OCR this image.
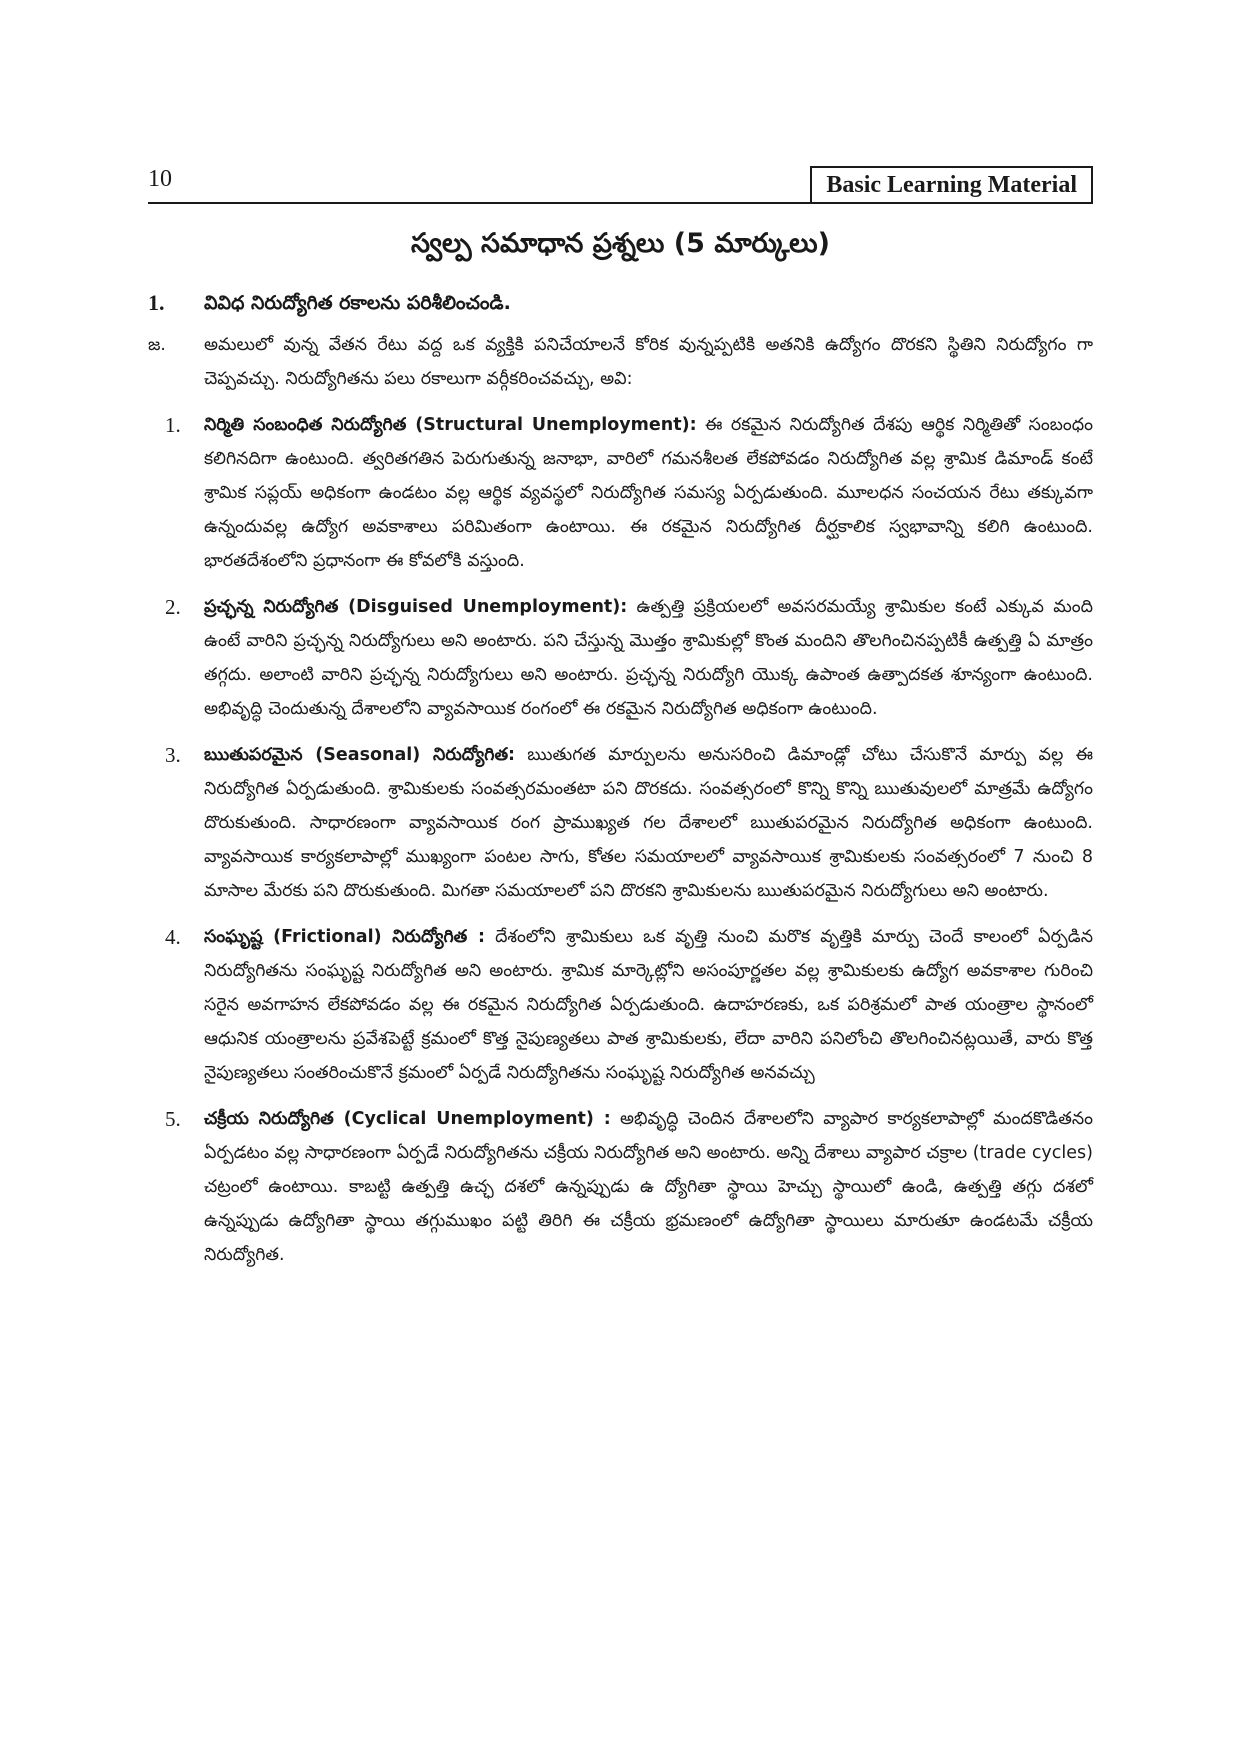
10	Basic Learning Material
స్వల్ప సమాధాన ప్రశ్నలు (5 మార్కులు)
1.	వివిధ నిరుద్యోగిత రకాలను పరిశీలించండి.
జ.	అమలులో వున్న వేతన రేటు వద్ద ఒక వ్యక్తికి పనిచేయాలనే కోరిక వున్నప్పటికి అతనికి ఉద్యోగం దొరకని స్థితిని నిరుద్యోగం గా చెప్పవచ్చు. నిరుద్యోగితను పలు రకాలుగా వర్గీకరించవచ్చు, అవి:
1.	నిర్మితి సంబంధిత నిరుద్యోగిత (Structural Unemployment): ఈ రకమైన నిరుద్యోగిత దేశపు ఆర్థిక నిర్మితితో సంబంధం కలిగినదిగా ఉంటుంది. త్వరితగతిన పెరుగుతున్న జనాభా, వారిలో గమనశీలత లేకపోవడం నిరుద్యోగిత వల్ల శ్రామిక డిమాండ్ కంటే శ్రామిక సప్లయ్ అధికంగా ఉండటం వల్ల ఆర్థిక వ్యవస్థలో నిరుద్యోగిత సమస్య ఏర్పడుతుంది. మూలధన సంచయన రేటు తక్కువగా ఉన్నందువల్ల ఉద్యోగ అవకాశాలు పరిమితంగా ఉంటాయి. ఈ రకమైన నిరుద్యోగిత దీర్ఘకాలిక స్వభావాన్ని కలిగి ఉంటుంది. భారతదేశంలోని ప్రధానంగా ఈ కోవలోకి వస్తుంది.
2.	ప్రచ్ఛన్న నిరుద్యోగిత (Disguised Unemployment): ఉత్పత్తి ప్రక్రియలలో అవసరమయ్యే శ్రామికుల కంటే ఎక్కువ మంది ఉంటే వారిని ప్రచ్ఛన్న నిరుద్యోగులు అని అంటారు. పని చేస్తున్న మొత్తం శ్రామికుల్లో కొంత మందిని తొలగించినప్పటికీ ఉత్పత్తి ఏ మాత్రం తగ్గదు. అలాంటి వారిని ప్రచ్ఛన్న నిరుద్యోగులు అని అంటారు. ప్రచ్ఛన్న నిరుద్యోగి యొక్క ఉపాంత ఉత్పాదకత శూన్యంగా ఉంటుంది. అభివృద్ధి చెందుతున్న దేశాలలోని వ్యావసాయిక రంగంలో ఈ రకమైన నిరుద్యోగిత అధికంగా ఉంటుంది.
3.	ఋతుపరమైన (Seasonal) నిరుద్యోగిత: ఋతుగత మార్పులను అనుసరించి డిమాండ్లో చోటు చేసుకొనే మార్పు వల్ల ఈ నిరుద్యోగిత ఏర్పడుతుంది. శ్రామికులకు సంవత్సరమంతటా పని దొరకదు. సంవత్సరంలో కొన్ని కొన్ని ఋతువులలో మాత్రమే ఉద్యోగం దొరుకుతుంది. సాధారణంగా వ్యావసాయిక రంగ ప్రాముఖ్యత గల దేశాలలో ఋతుపరమైన నిరుద్యోగిత అధికంగా ఉంటుంది. వ్యావసాయిక కార్యకలాపాల్లో ముఖ్యంగా పంటల సాగు, కోతల సమయాలలో వ్యావసాయిక శ్రామికులకు సంవత్సరంలో 7 నుంచి 8 మాసాల మేరకు పని దొరుకుతుంది. మిగతా సమయాలలో పని దొరకని శ్రామికులను ఋతుపరమైన నిరుద్యోగులు అని అంటారు.
4.	సంఘృష్ట (Frictional) నిరుద్యోగిత : దేశంలోని శ్రామికులు ఒక వృత్తి నుంచి మరొక వృత్తికి మార్పు చెందే కాలంలో ఏర్పడిన నిరుద్యోగితను సంఘృష్ట నిరుద్యోగిత అని అంటారు. శ్రామిక మార్కెట్లోని అసంపూర్ణతల వల్ల శ్రామికులకు ఉద్యోగ అవకాశాల గురించి సరైన అవగాహన లేకపోవడం వల్ల ఈ రకమైన నిరుద్యోగిత ఏర్పడుతుంది. ఉదాహరణకు, ఒక పరిశ్రమలో పాత యంత్రాల స్థానంలో ఆధునిక యంత్రాలను ప్రవేశపెట్టే క్రమంలో కొత్త నైపుణ్యతలు పాత శ్రామికులకు, లేదా వారిని పనిలోంచి తొలగించినట్లయితే, వారు కొత్త నైపుణ్యతలు సంతరించుకొనే క్రమంలో ఏర్పడే నిరుద్యోగితను సంఘృష్ట నిరుద్యోగిత అనవచ్చు
5.	చక్రీయ నిరుద్యోగిత (Cyclical Unemployment) : అభివృద్ధి చెందిన దేశాలలోని వ్యాపార కార్యకలాపాల్లో మందకొడితనం ఏర్పడటం వల్ల సాధారణంగా ఏర్పడే నిరుద్యోగితను చక్రీయ నిరుద్యోగిత అని అంటారు. అన్ని దేశాలు వ్యాపార చక్రాల (trade cycles) చట్రంలో ఉంటాయి. కాబట్టి ఉత్పత్తి ఉచ్ఛ దశలో ఉన్నప్పుడు ఉ ద్యోగితా స్థాయి హెచ్చు స్థాయిలో ఉండి, ఉత్పత్తి తగ్గు దశలో ఉన్నప్పుడు ఉద్యోగితా స్థాయి తగ్గుముఖం పట్టి తిరిగి ఈ చక్రీయ భ్రమణంలో ఉద్యోగితా స్థాయిలు మారుతూ ఉండటమే చక్రీయ నిరుద్యోగిత.
